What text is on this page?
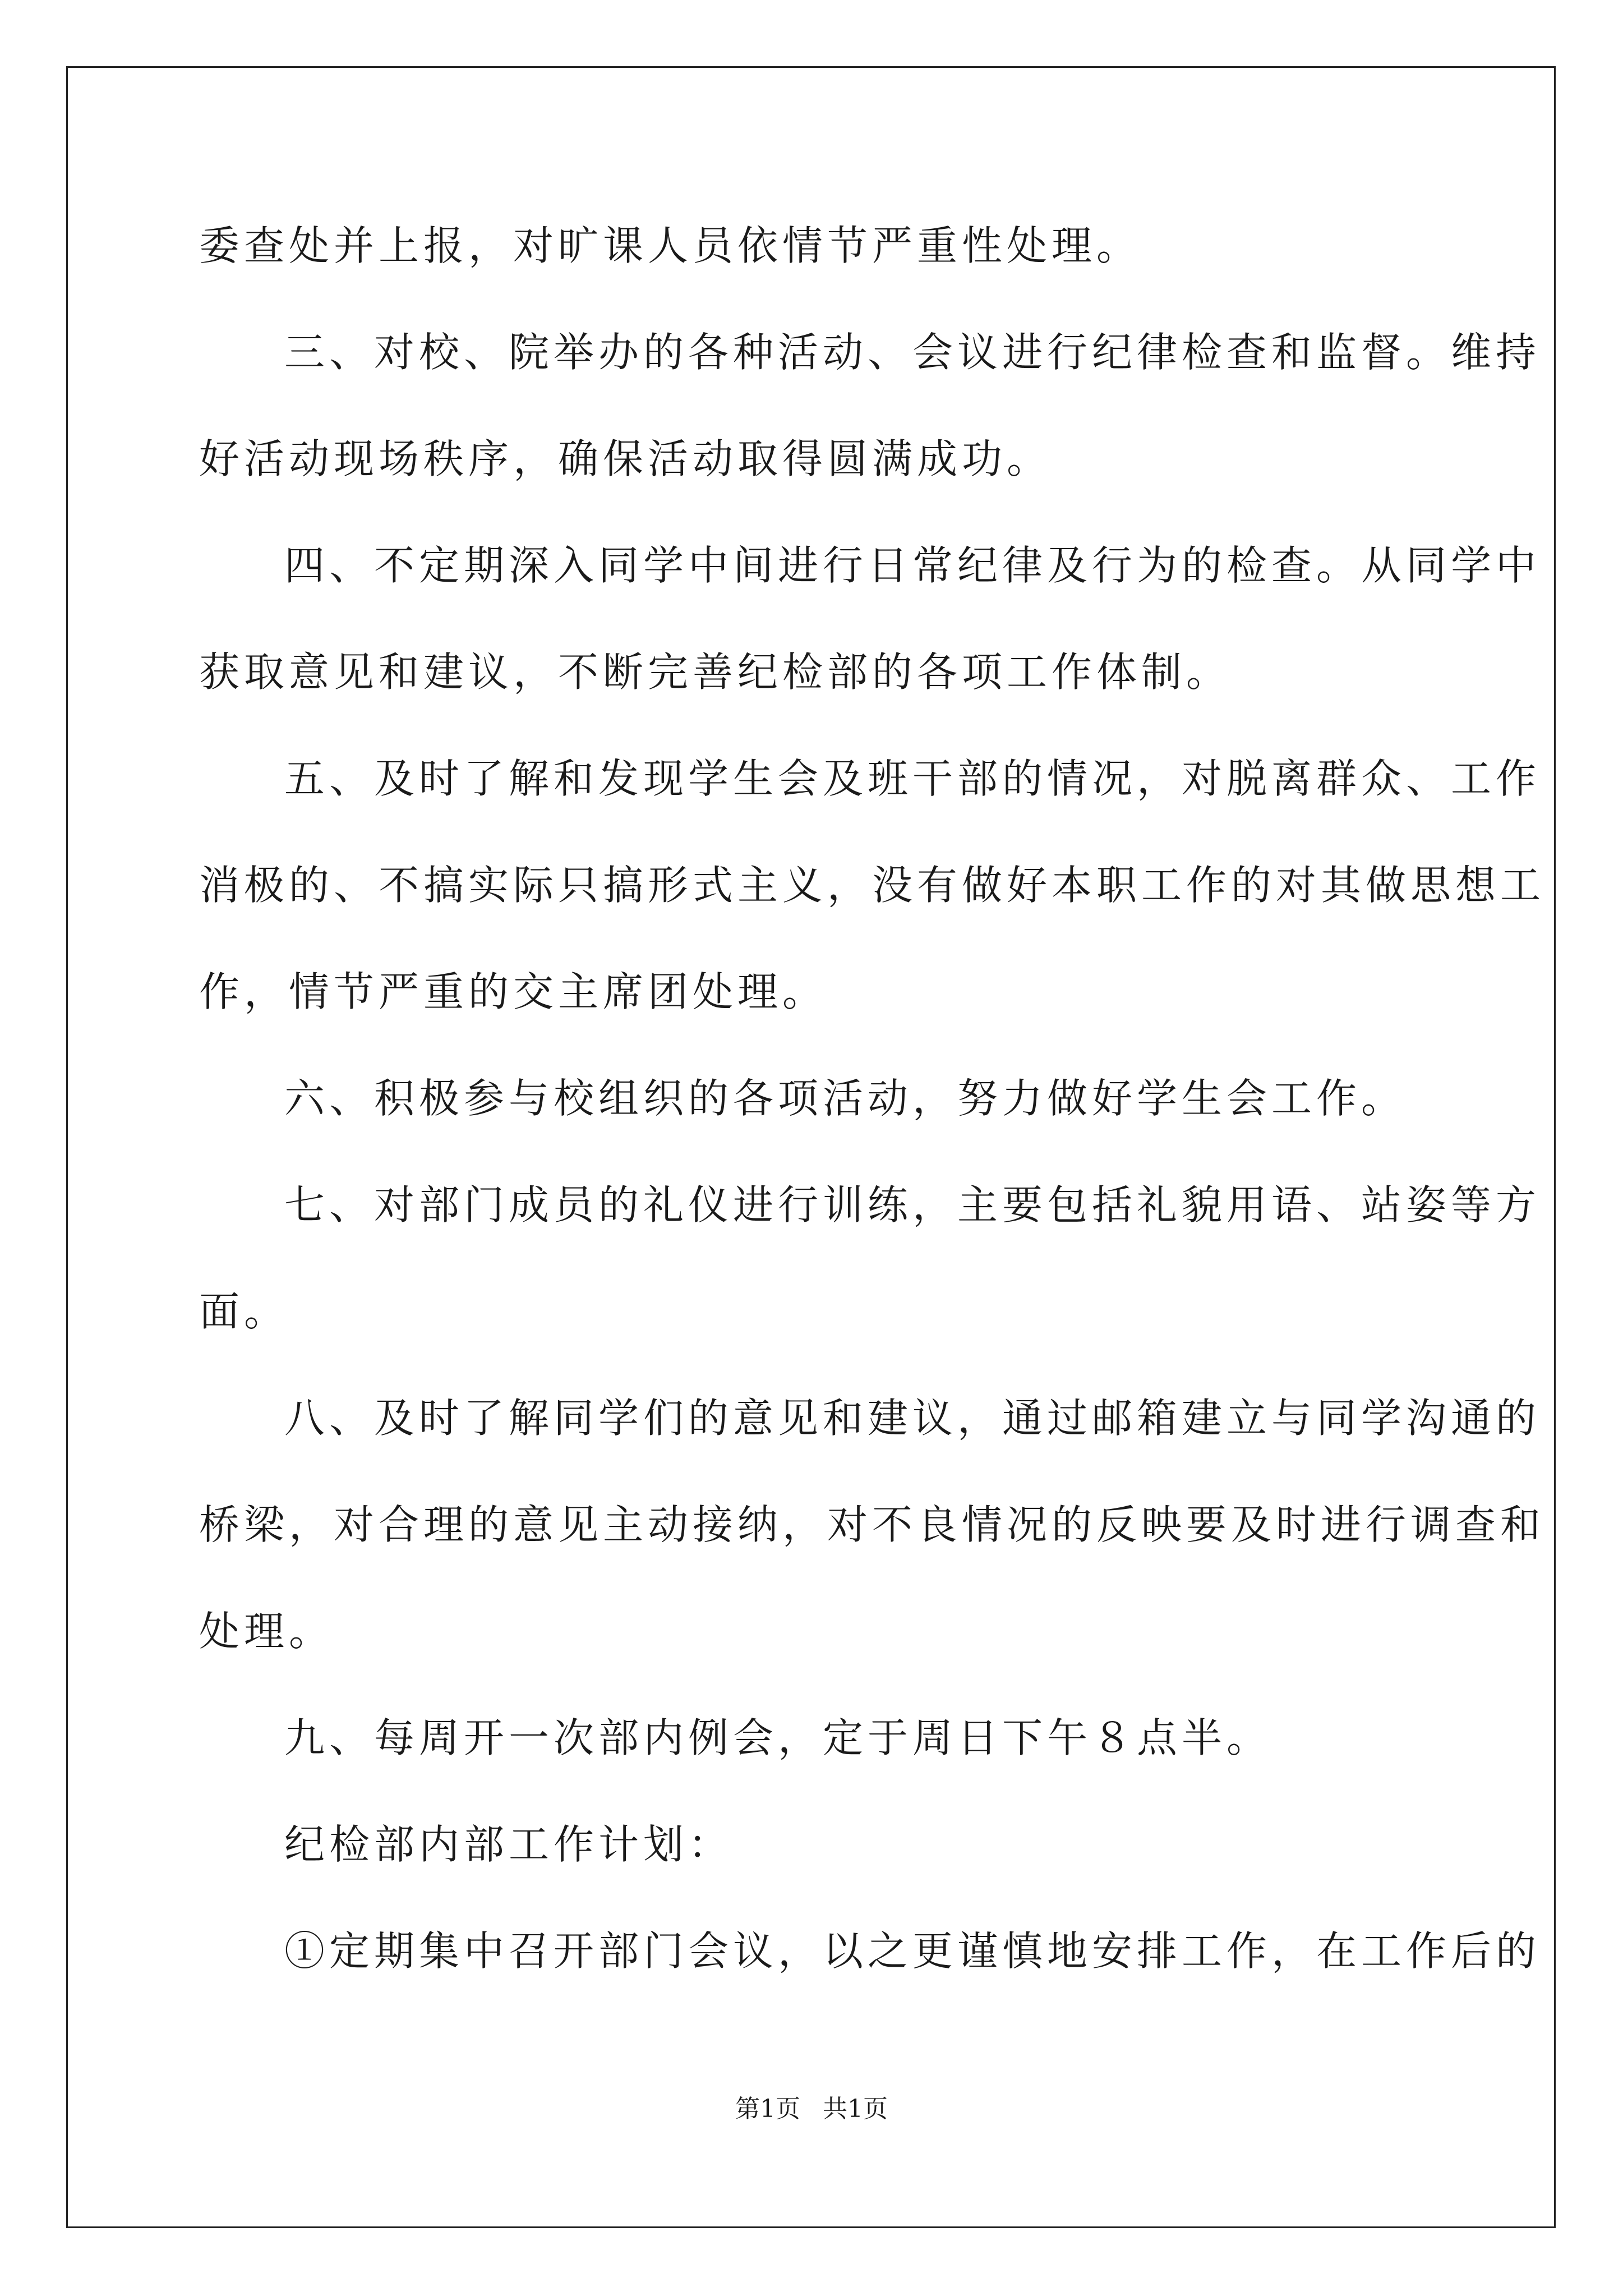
委查处并上报，对旷课人员依情节严重性处理。
三、对校、院举办的各种活动、会议进行纪律检查和监督。维持
好活动现场秩序，确保活动取得圆满成功。
四、不定期深入同学中间进行日常纪律及行为的检查。从同学中
获取意见和建议，不断完善纪检部的各项工作体制。
五、及时了解和发现学生会及班干部的情况，对脱离群众、工作
消极的、不搞实际只搞形式主义，没有做好本职工作的对其做思想工
作，情节严重的交主席团处理。
六、积极参与校组织的各项活动，努力做好学生会工作。
七、对部门成员的礼仪进行训练，主要包括礼貌用语、站姿等方
面。
八、及时了解同学们的意见和建议，通过邮箱建立与同学沟通的
桥梁，对合理的意见主动接纳，对不良情况的反映要及时进行调查和
处理。
九、每周开一次部内例会，定于周日下午８点半。
纪检部内部工作计划：
①定期集中召开部门会议，以之更谨慎地安排工作，在工作后的
第1页 共1页
